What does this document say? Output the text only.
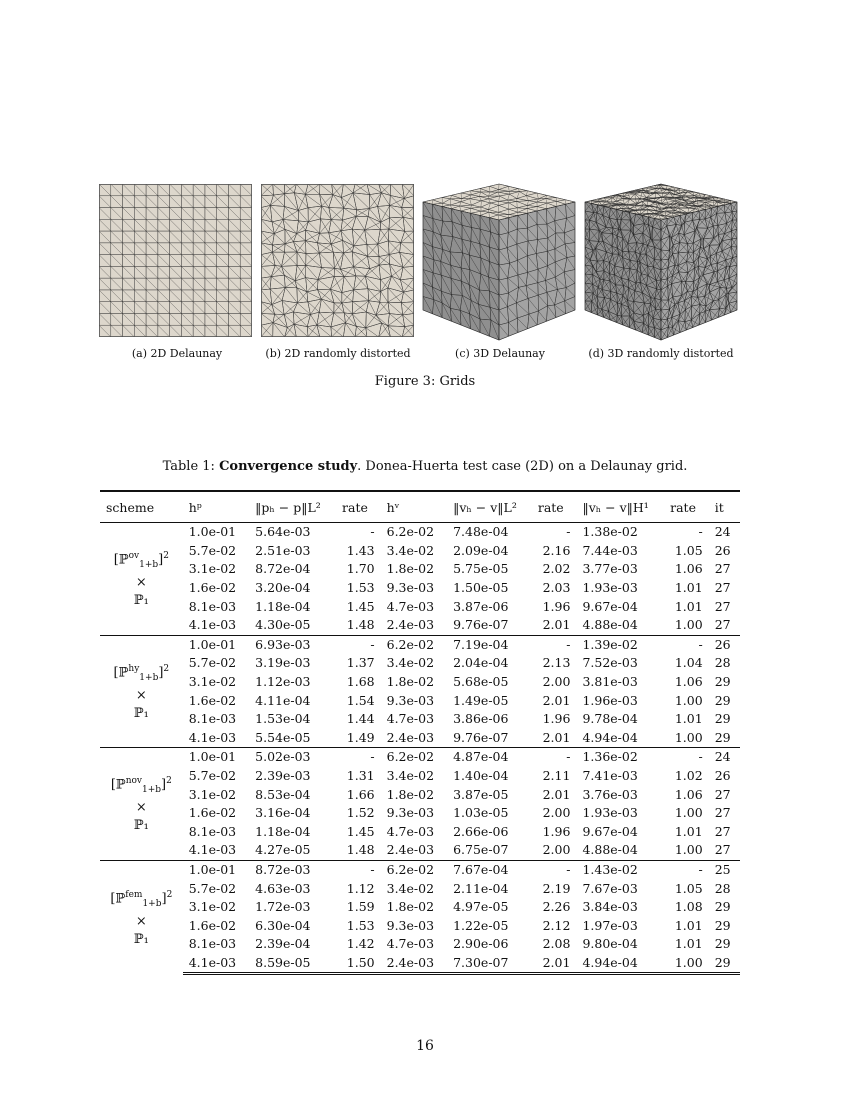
(a) 2D Delaunay	(b) 2D randomly distorted	(c) 3D Delaunay	(d) 3D randomly distorted
Figure 3: Grids
Table 1: Convergence study. Donea-Huerta test case (2D) on a Delaunay grid.
scheme	hᵖ	‖pₕ − p‖L²	rate	hᵛ	‖vₕ − v‖L²	rate	‖vₕ − v‖H¹	rate	it

[ℙ$^{ov}_{1+b}$]$^2$
×
ℙ₁	1.0e-01	5.64e-03	-	6.2e-02	7.48e-04	-	1.38e-02	-	24
	5.7e-02	2.51e-03	1.43	3.4e-02	2.09e-04	2.16	7.44e-03	1.05	26
	3.1e-02	8.72e-04	1.70	1.8e-02	5.75e-05	2.02	3.77e-03	1.06	27
	1.6e-02	3.20e-04	1.53	9.3e-03	1.50e-05	2.03	1.93e-03	1.01	27
	8.1e-03	1.18e-04	1.45	4.7e-03	3.87e-06	1.96	9.67e-04	1.01	27
	4.1e-03	4.30e-05	1.48	2.4e-03	9.76e-07	2.01	4.88e-04	1.00	27

[ℙ$^{hy}_{1+b}$]$^2$
×
ℙ₁	1.0e-01	6.93e-03	-	6.2e-02	7.19e-04	-	1.39e-02	-	26
	5.7e-02	3.19e-03	1.37	3.4e-02	2.04e-04	2.13	7.52e-03	1.04	28
	3.1e-02	1.12e-03	1.68	1.8e-02	5.68e-05	2.00	3.81e-03	1.06	29
	1.6e-02	4.11e-04	1.54	9.3e-03	1.49e-05	2.01	1.96e-03	1.00	29
	8.1e-03	1.53e-04	1.44	4.7e-03	3.86e-06	1.96	9.78e-04	1.01	29
	4.1e-03	5.54e-05	1.49	2.4e-03	9.76e-07	2.01	4.94e-04	1.00	29

[ℙ$^{nov}_{1+b}$]$^2$
×
ℙ₁	1.0e-01	5.02e-03	-	6.2e-02	4.87e-04	-	1.36e-02	-	24
	5.7e-02	2.39e-03	1.31	3.4e-02	1.40e-04	2.11	7.41e-03	1.02	26
	3.1e-02	8.53e-04	1.66	1.8e-02	3.87e-05	2.01	3.76e-03	1.06	27
	1.6e-02	3.16e-04	1.52	9.3e-03	1.03e-05	2.00	1.93e-03	1.00	27
	8.1e-03	1.18e-04	1.45	4.7e-03	2.66e-06	1.96	9.67e-04	1.01	27
	4.1e-03	4.27e-05	1.48	2.4e-03	6.75e-07	2.00	4.88e-04	1.00	27

[ℙ$^{fem}_{1+b}$]$^2$
×
ℙ₁	1.0e-01	8.72e-03	-	6.2e-02	7.67e-04	-	1.43e-02	-	25
	5.7e-02	4.63e-03	1.12	3.4e-02	2.11e-04	2.19	7.67e-03	1.05	28
	3.1e-02	1.72e-03	1.59	1.8e-02	4.97e-05	2.26	3.84e-03	1.08	29
	1.6e-02	6.30e-04	1.53	9.3e-03	1.22e-05	2.12	1.97e-03	1.01	29
	8.1e-03	2.39e-04	1.42	4.7e-03	2.90e-06	2.08	9.80e-04	1.01	29
	4.1e-03	8.59e-05	1.50	2.4e-03	7.30e-07	2.01	4.94e-04	1.00	29
16
